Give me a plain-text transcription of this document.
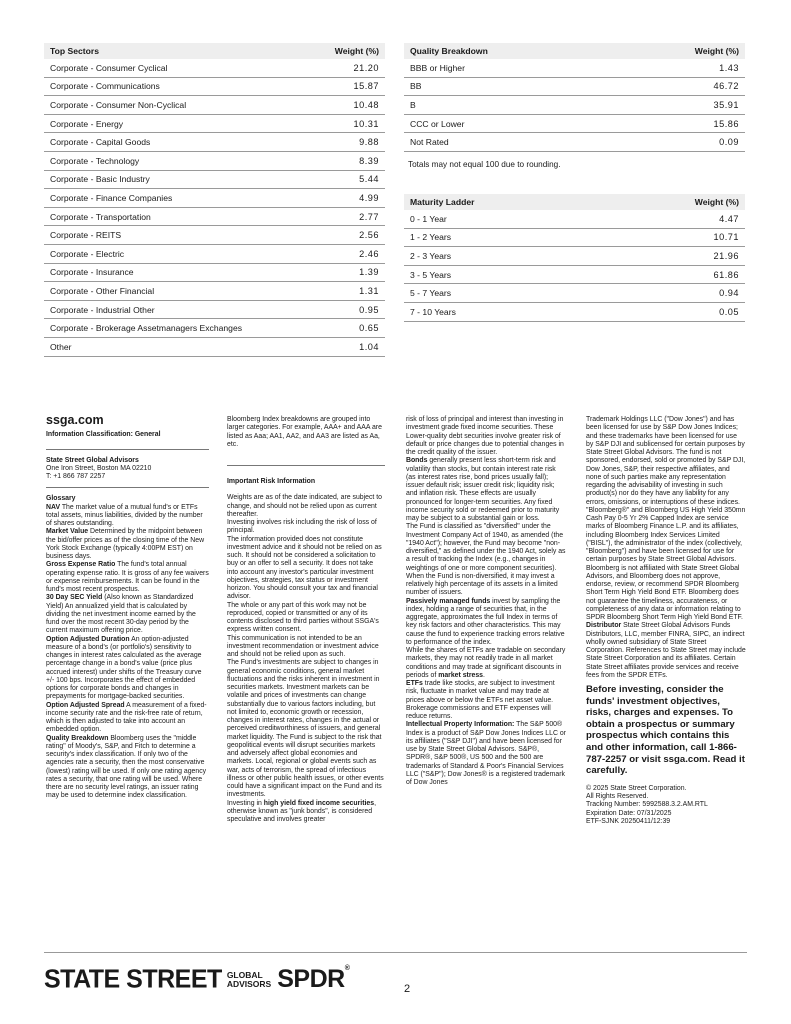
Top Sectors	Weight (%)
Corporate - Consumer Cyclical	21.20
Corporate - Communications	15.87
Corporate - Consumer Non-Cyclical	10.48
Corporate - Energy	10.31
Corporate - Capital Goods	9.88
Corporate - Technology	8.39
Corporate - Basic Industry	5.44
Corporate - Finance Companies	4.99
Corporate - Transportation	2.77
Corporate - REITS	2.56
Corporate - Electric	2.46
Corporate - Insurance	1.39
Corporate - Other Financial	1.31
Corporate - Industrial Other	0.95
Corporate - Brokerage Assetmanagers Exchanges	0.65
Other	1.04
Quality Breakdown	Weight (%)
BBB or Higher	1.43
BB	46.72
B	35.91
CCC or Lower	15.86
Not Rated	0.09
Totals may not equal 100 due to rounding.
Maturity Ladder	Weight (%)
0 - 1 Year	4.47
1 - 2 Years	10.71
2 - 3 Years	21.96
3 - 5 Years	61.86
5 - 7 Years	0.94
7 - 10 Years	0.05
ssga.com
Information Classification: General

State Street Global Advisors

One Iron Street, Boston MA 02210

T: +1 866 787 2257

Glossary

NAV The market value of a mutual fund's or ETFs total assets, minus liabilities, divided by the number of shares outstanding.

Market Value Determined by the midpoint between the bid/offer prices as of the closing time of the New York Stock Exchange (typically 4:00PM EST) on business days.

Gross Expense Ratio The fund's total annual operating expense ratio. It is gross of any fee waivers or expense reimbursements. It can be found in the fund's most recent prospectus.

30 Day SEC Yield (Also known as Standardized Yield) An annualized yield that is calculated by dividing the net investment income earned by the fund over the most recent 30-day period by the current maximum offering price.

Option Adjusted Duration An option-adjusted measure of a bond's (or portfolio's) sensitivity to changes in interest rates calculated as the average percentage change in a bond's value (price plus accrued interest) under shifts of the Treasury curve +/- 100 bps. Incorporates the effect of embedded options for corporate bonds and changes in prepayments for mortgage-backed securities.

Option Adjusted Spread A measurement of a fixed-income security rate and the risk-free rate of return, which is then adjusted to take into account an embedded option.

Quality Breakdown Bloomberg uses the "middle rating" of Moody's, S&P, and Fitch to determine a security's index classification. If only two of the agencies rate a security, then the most conservative (lowest) rating will be used. If only one rating agency rates a security, that one rating will be used. Where there are no security level ratings, an issuer rating may be used to determine index classification.

Bloomberg Index breakdowns are grouped into larger categories. For example, AAA+ and AAA are listed as Aaa; AA1, AA2, and AA3 are listed as Aa, etc.

Important Risk Information

Weights are as of the date indicated, are subject to change, and should not be relied upon as current thereafter.

Investing involves risk including the risk of loss of principal.

The information provided does not constitute investment advice and it should not be relied on as such. It should not be considered a solicitation to buy or an offer to sell a security. It does not take into account any investor's particular investment objectives, strategies, tax status or investment horizon. You should consult your tax and financial advisor.

The whole or any part of this work may not be reproduced, copied or transmitted or any of its contents disclosed to third parties without SSGA's express written consent.

This communication is not intended to be an investment recommendation or investment advice and should not be relied upon as such.

The Fund's investments are subject to changes in general economic conditions, general market fluctuations and the risks inherent in investment in securities markets. Investment markets can be volatile and prices of investments can change substantially due to various factors including, but not limited to, economic growth or recession, changes in interest rates, changes in the actual or perceived creditworthiness of issuers, and general market liquidity. The Fund is subject to the risk that geopolitical events will disrupt securities markets and adversely affect global economies and markets. Local, regional or global events such as war, acts of terrorism, the spread of infectious illness or other public health issues, or other events could have a significant impact on the Fund and its investments.

Investing in high yield fixed income securities, otherwise known as "junk bonds", is considered speculative and involves greater

risk of loss of principal and interest than investing in investment grade fixed income securities. These Lower-quality debt securities involve greater risk of default or price changes due to potential changes in the credit quality of the issuer.

Bonds generally present less short-term risk and volatility than stocks, but contain interest rate risk (as interest rates rise, bond prices usually fall); issuer default risk; issuer credit risk; liquidity risk; and inflation risk. These effects are usually pronounced for longer-term securities. Any fixed income security sold or redeemed prior to maturity may be subject to a substantial gain or loss.

The Fund is classified as "diversified" under the Investment Company Act of 1940, as amended (the "1940 Act"); however, the Fund may become "non-diversified," as defined under the 1940 Act, solely as a result of tracking the Index (e.g., changes in weightings of one or more component securities). When the Fund is non-diversified, it may invest a relatively high percentage of its assets in a limited number of issuers.

Passively managed funds invest by sampling the index, holding a range of securities that, in the aggregate, approximates the full Index in terms of key risk factors and other characteristics. This may cause the fund to experience tracking errors relative to performance of the index.

While the shares of ETFs are tradable on secondary markets, they may not readily trade in all market conditions and may trade at significant discounts in periods of market stress.

ETFs trade like stocks, are subject to investment risk, fluctuate in market value and may trade at prices above or below the ETFs net asset value. Brokerage commissions and ETF expenses will reduce returns.

Intellectual Property Information: The S&P 500® Index is a product of S&P Dow Jones Indices LLC or its affiliates ("S&P DJI") and have been licensed for use by State Street Global Advisors. S&P®, SPDR®, S&P 500®, US 500 and the 500 are trademarks of Standard & Poor's Financial Services LLC ("S&P"); Dow Jones® is a registered trademark of Dow Jones

Trademark Holdings LLC ("Dow Jones") and has been licensed for use by S&P Dow Jones Indices; and these trademarks have been licensed for use by S&P DJI and sublicensed for certain purposes by State Street Global Advisors. The fund is not sponsored, endorsed, sold or promoted by S&P DJI, Dow Jones, S&P, their respective affiliates, and none of such parties make any representation regarding the advisability of investing in such product(s) nor do they have any liability for any errors, omissions, or interruptions of these indices.

"Bloomberg®" and Bloomberg US High Yield 350mn Cash Pay 0-5 Yr 2% Capped Index are service marks of Bloomberg Finance L.P. and its affiliates, including Bloomberg Index Services Limited ("BISL"), the administrator of the index (collectively, "Bloomberg") and have been licensed for use for certain purposes by State Street Global Advisors. Bloomberg is not affiliated with State Street Global Advisors, and Bloomberg does not approve, endorse, review, or recommend SPDR Bloomberg Short Term High Yield Bond ETF. Bloomberg does not guarantee the timeliness, accurateness, or completeness of any data or information relating to SPDR Bloomberg Short Term High Yield Bond ETF.

Distributor State Street Global Advisors Funds Distributors, LLC, member FINRA, SIPC, an indirect wholly owned subsidiary of State Street Corporation. References to State Street may include State Street Corporation and its affiliates. Certain State Street affiliates provide services and receive fees from the SPDR ETFs.

Before investing, consider the funds' investment objectives, risks, charges and expenses. To obtain a prospectus or summary prospectus which contains this and other information, call 1-866-787-2257 or visit ssga.com. Read it carefully.

© 2025 State Street Corporation.

All Rights Reserved.

Tracking Number: 5992588.3.2.AM.RTL

Expiration Date: 07/31/2025

ETF-SJNK 20250411/12:39

STATE STREET GLOBAL
ADVISORS SPDR®
2
